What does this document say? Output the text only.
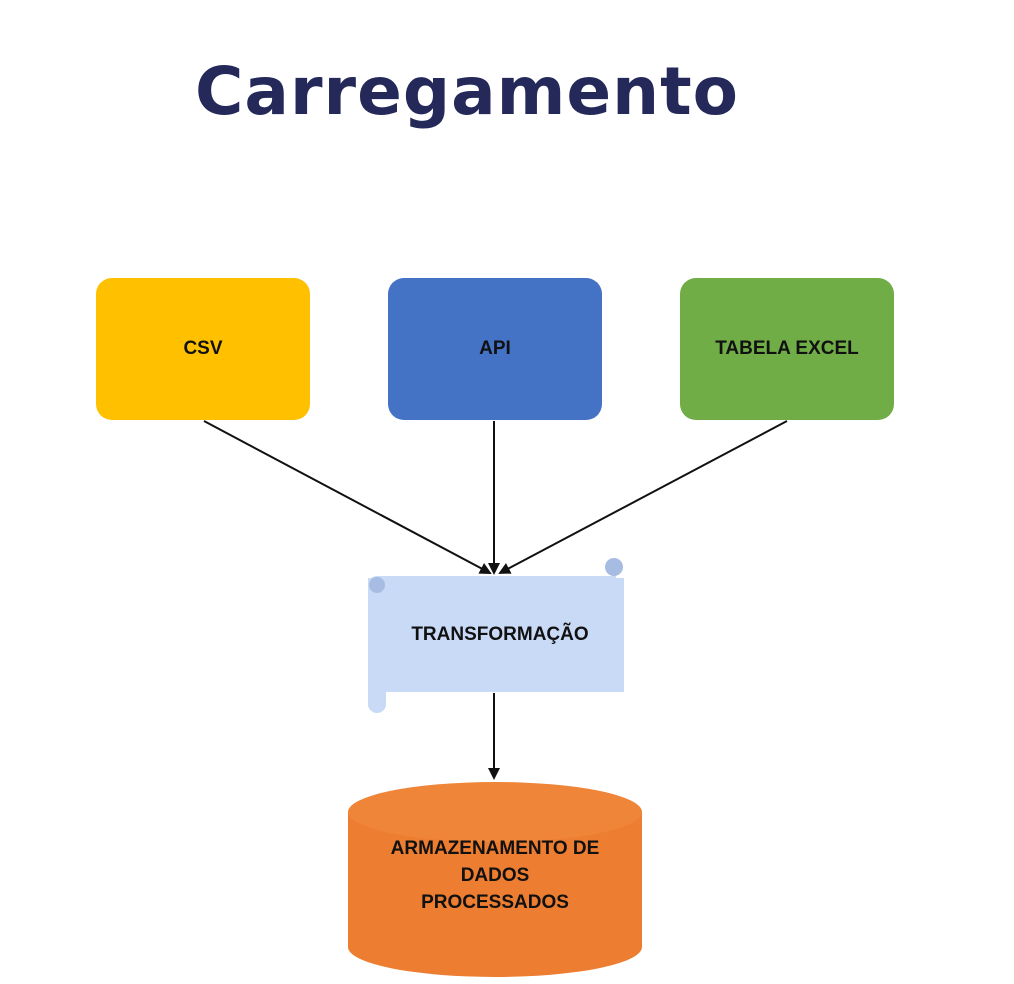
Carregamento
CSV	API	TABELA EXCEL
TRANSFORMAÇÃO
ARMAZENAMENTO DE
DADOS
PROCESSADOS
